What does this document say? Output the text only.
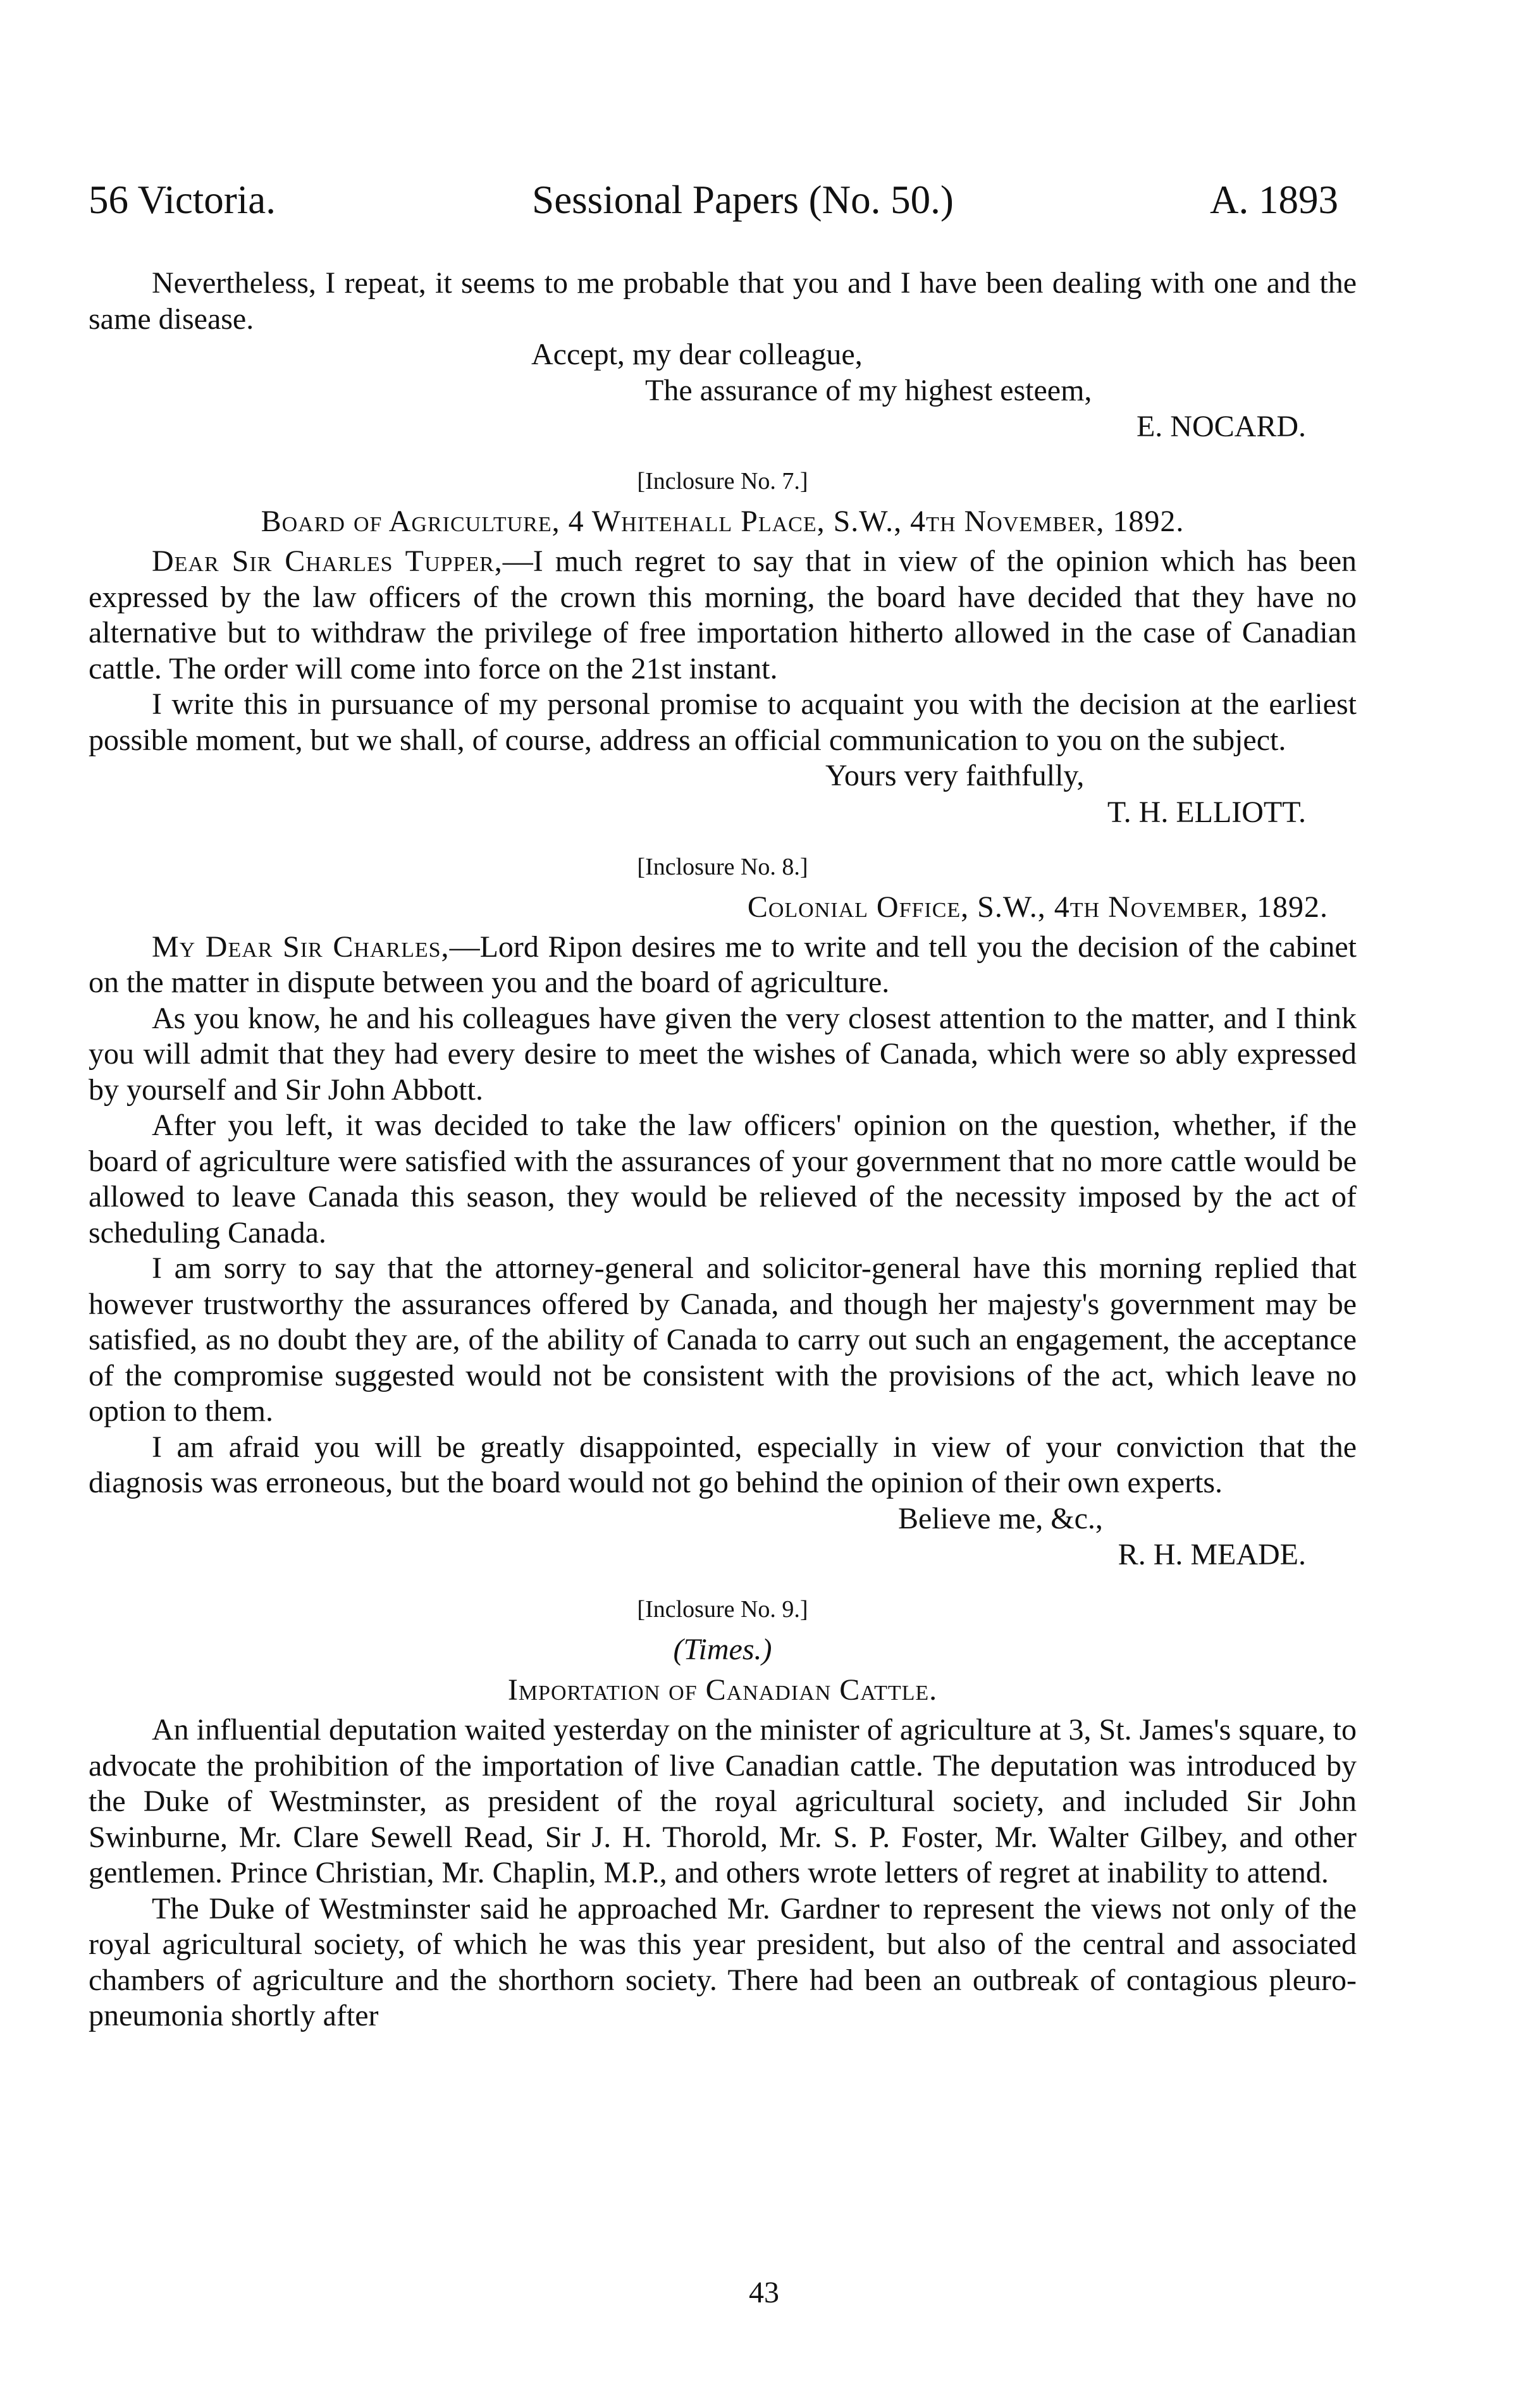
56 Victoria.	Sessional Papers (No. 50.)	A. 1893

Nevertheless, I repeat, it seems to me probable that you and I have been dealing with one and the same disease.

Accept, my dear colleague,

The assurance of my highest esteem,

E. NOCARD.

[Inclosure No. 7.]

Board of Agriculture, 4 Whitehall Place, S.W., 4th November, 1892.

Dear Sir Charles Tupper,—I much regret to say that in view of the opinion which has been expressed by the law officers of the crown this morning, the board have decided that they have no alternative but to withdraw the privilege of free importation hitherto allowed in the case of Canadian cattle. The order will come into force on the 21st instant.

I write this in pursuance of my personal promise to acquaint you with the decision at the earliest possible moment, but we shall, of course, address an official communication to you on the subject.

Yours very faithfully,

T. H. ELLIOTT.

[Inclosure No. 8.]

Colonial Office, S.W., 4th November, 1892.

My Dear Sir Charles,—Lord Ripon desires me to write and tell you the decision of the cabinet on the matter in dispute between you and the board of agriculture.

As you know, he and his colleagues have given the very closest attention to the matter, and I think you will admit that they had every desire to meet the wishes of Canada, which were so ably expressed by yourself and Sir John Abbott.

After you left, it was decided to take the law officers' opinion on the question, whether, if the board of agriculture were satisfied with the assurances of your government that no more cattle would be allowed to leave Canada this season, they would be relieved of the necessity imposed by the act of scheduling Canada.

I am sorry to say that the attorney-general and solicitor-general have this morning replied that however trustworthy the assurances offered by Canada, and though her majesty's government may be satisfied, as no doubt they are, of the ability of Canada to carry out such an engagement, the acceptance of the compromise suggested would not be consistent with the provisions of the act, which leave no option to them.

I am afraid you will be greatly disappointed, especially in view of your conviction that the diagnosis was erroneous, but the board would not go behind the opinion of their own experts.

Believe me, &c.,

R. H. MEADE.

[Inclosure No. 9.]

(Times.)

Importation of Canadian Cattle.

An influential deputation waited yesterday on the minister of agriculture at 3, St. James's square, to advocate the prohibition of the importation of live Canadian cattle. The deputation was introduced by the Duke of Westminster, as president of the royal agricultural society, and included Sir John Swinburne, Mr. Clare Sewell Read, Sir J. H. Thorold, Mr. S. P. Foster, Mr. Walter Gilbey, and other gentlemen. Prince Christian, Mr. Chaplin, M.P., and others wrote letters of regret at inability to attend.

The Duke of Westminster said he approached Mr. Gardner to represent the views not only of the royal agricultural society, of which he was this year president, but also of the central and associated chambers of agriculture and the shorthorn society. There had been an outbreak of contagious pleuro-pneumonia shortly after

43
